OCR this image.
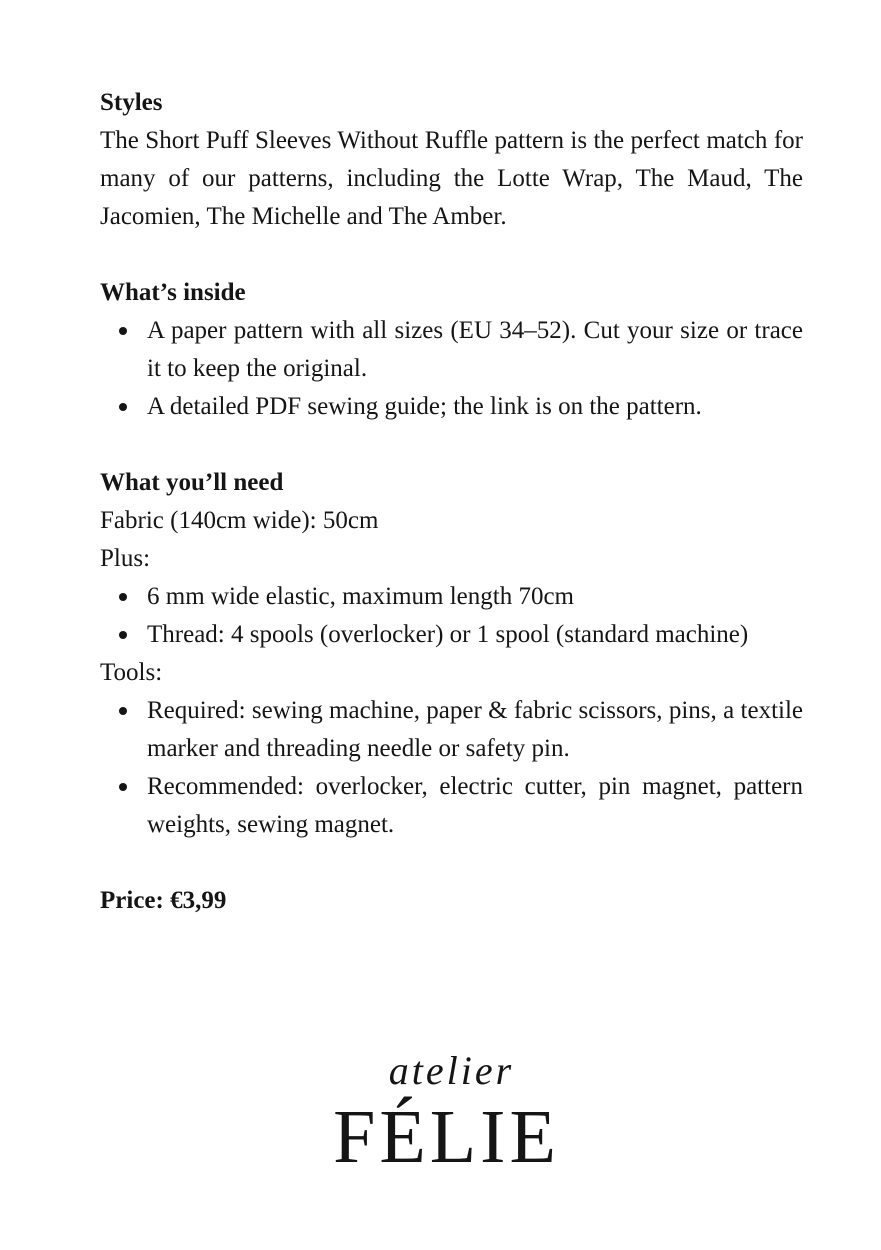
Styles

The Short Puff Sleeves Without Ruffle pattern is the perfect match for many of our patterns, including the Lotte Wrap, The Maud, The Jacomien, The Michelle and The Amber.

What’s inside
A paper pattern with all sizes (EU 34–52). Cut your size or trace it to keep the original.
A detailed PDF sewing guide; the link is on the pattern.
What you’ll need
Fabric (140cm wide): 50cm
Plus:
6 mm wide elastic, maximum length 70cm
Thread: 4 spools (overlocker) or 1 spool (standard machine)
Tools:
Required: sewing machine, paper & fabric scissors, pins, a textile marker and threading needle or safety pin.
Recommended: overlocker, electric cutter, pin magnet, pattern weights, sewing magnet.
Price: €3,99
atelier
FÉLIE
